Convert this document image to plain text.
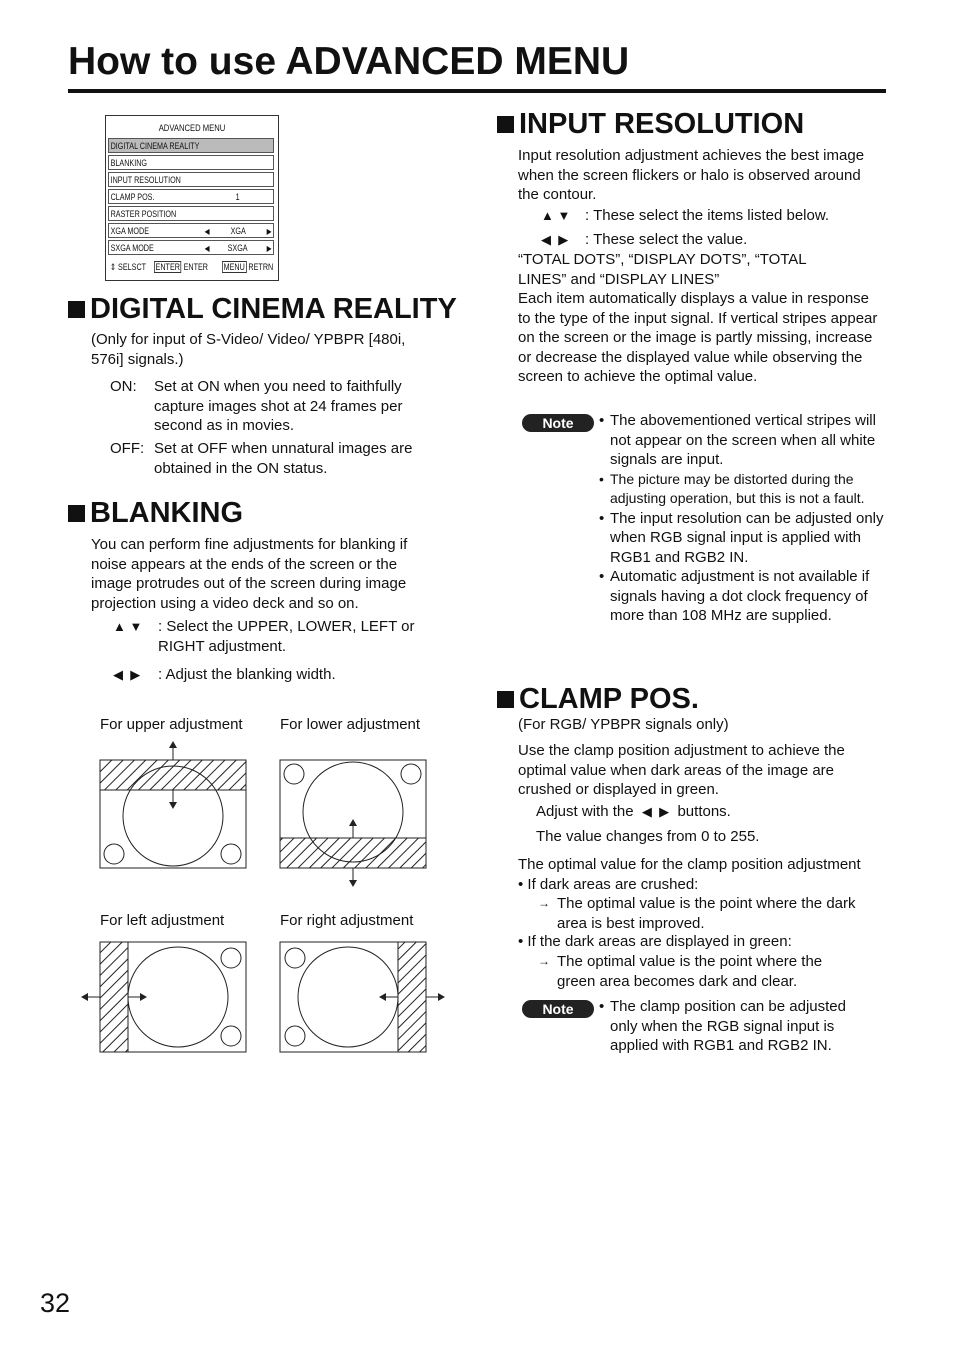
How to use ADVANCED MENU
ADVANCED MENU
DIGITAL CINEMA REALITY
BLANKING
INPUT RESOLUTION
CLAMP POS.	1
RASTER POSITION
XGA MODE	◀ XGA	▶
SXGA MODE	◀ SXGA ▶
⇕ SELSCT ENTER ENTER MENU RETRN
DIGITAL CINEMA REALITY
(Only for input of S-Video/ Video/ YPBPR [480i, 576i] signals.)
ON: Set at ON when you need to faithfully capture images shot at 24 frames per second as in movies.
OFF: Set at OFF when unnatural images are obtained in the ON status.
BLANKING
You can perform fine adjustments for blanking if noise appears at the ends of the screen or the image protrudes out of the screen during image projection using a video deck and so on.
▲ ▼ : Select the UPPER, LOWER, LEFT or RIGHT adjustment.
◀  ▶ : Adjust the blanking width.
For upper adjustment For lower adjustment
For left adjustment	For right adjustment
INPUT RESOLUTION
Input resolution adjustment achieves the best image when the screen flickers or halo is observed around the contour.
▲ ▼ : These select the items listed below.
◀  ▶ : These select the value.
“TOTAL DOTS”, “DISPLAY DOTS”, “TOTAL LINES” and “DISPLAY LINES”
Each item automatically displays a value in response to the type of the input signal. If vertical stripes appear on the screen or the image is partly missing, increase or decrease the displayed value while observing the screen to achieve the optimal value.
Note	• The abovementioned vertical stripes will not appear on the screen when all white signals are input.
• The picture may be distorted during the adjusting operation, but this is not a fault.
• The input resolution can be adjusted only when RGB signal input is applied with RGB1 and RGB2 IN.
• Automatic adjustment is not available if signals having a dot clock frequency of more than 108 MHz are supplied.
CLAMP POS.
(For RGB/ YPBPR signals only)
Use the clamp position adjustment to achieve the optimal value when dark areas of the image are crushed or displayed in green.
Adjust with the ◀  ▶ buttons.
The value changes from 0 to 255.
The optimal value for the clamp position adjustment
• If dark areas are crushed:
→ The optimal value is the point where the dark area is best improved.
• If the dark areas are displayed in green:
→ The optimal value is the point where the green area becomes dark and clear.
Note	• The clamp position can be adjusted only when the RGB signal input is applied with RGB1 and RGB2 IN.
32
